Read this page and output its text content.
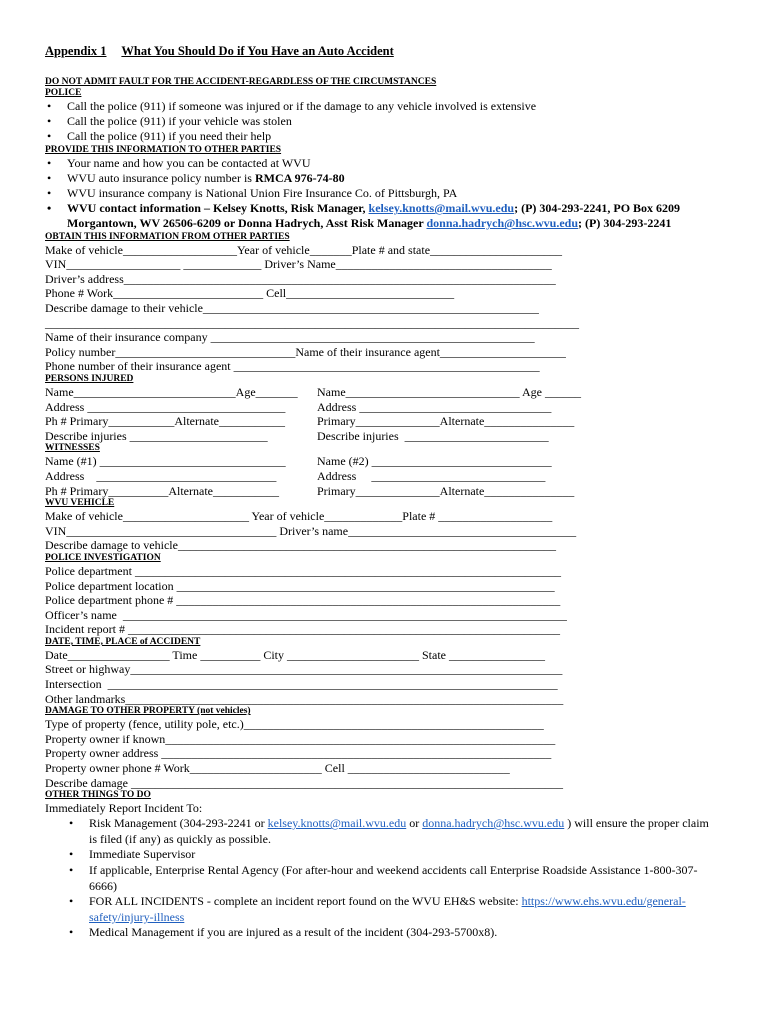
Appendix 1 What You Should Do if You Have an Auto Accident
DO NOT ADMIT FAULT FOR THE ACCIDENT-REGARDLESS OF THE CIRCUMSTANCES
POLICE
• Call the police (911) if someone was injured or if the damage to any vehicle involved is extensive
• Call the police (911) if your vehicle was stolen
• Call the police (911) if you need their help
PROVIDE THIS INFORMATION TO OTHER PARTIES
• Your name and how you can be contacted at WVU
• WVU auto insurance policy number is RMCA 976-74-80
• WVU insurance company is National Union Fire Insurance Co. of Pittsburgh, PA
• WVU contact information – Kelsey Knotts, Risk Manager, kelsey.knotts@mail.wvu.edu; (P) 304-293-2241, PO Box 6209
Morgantown, WV 26506-6209 or Donna Hadrych, Asst Risk Manager donna.hadrych@hsc.wvu.edu; (P) 304-293-2241
OBTAIN THIS INFORMATION FROM OTHER PARTIES
Make of vehicle___________________Year of vehicle_______Plate # and state______________________
VIN___________________ _____________ Driver’s Name____________________________________
Driver’s address________________________________________________________________________
Phone # Work_________________________ Cell____________________________
Describe damage to their vehicle________________________________________________________
_________________________________________________________________________________________
Name of their insurance company ______________________________________________________
Policy number______________________________Name of their insurance agent_____________________
Phone number of their insurance agent ___________________________________________________
PERSONS INJURED
Name___________________________Age_______	Name_____________________________ Age ______
Address _________________________________	Address ________________________________
Ph # Primary___________Alternate___________	Primary______________Alternate_______________
Describe injuries _______________________	Describe injuries  ________________________
WITNESSES
Name (#1) _______________________________	Name (#2) ______________________________
Address    ______________________________	Address     _____________________________
Ph # Primary__________Alternate___________	Primary______________Alternate_______________
WVU VEHICLE
Make of vehicle_____________________ Year of vehicle_____________Plate # ___________________
VIN___________________________________ Driver’s name______________________________________
Describe damage to vehicle_______________________________________________________________
POLICE INVESTIGATION
Police department _______________________________________________________________________
Police department location _______________________________________________________________
Police department phone # ________________________________________________________________
Officer’s name  __________________________________________________________________________
Incident report # ________________________________________________________________________
DATE, TIME, PLACE of ACCIDENT
Date_________________ Time __________ City ______________________ State ________________
Street or highway________________________________________________________________________
Intersection  ___________________________________________________________________________
Other landmarks_________________________________________________________________________
DAMAGE TO OTHER PROPERTY (not vehicles)
Type of property (fence, utility pole, etc.)__________________________________________________
Property owner if known_________________________________________________________________
Property owner address _________________________________________________________________
Property owner phone # Work______________________ Cell ___________________________
Describe damage ________________________________________________________________________
OTHER THINGS TO DO
Immediately Report Incident To:
• Risk Management (304-293-2241 or kelsey.knotts@mail.wvu.edu or donna.hadrych@hsc.wvu.edu ) will ensure the proper claim is filed (if any) as quickly as possible.
• Immediate Supervisor
• If applicable, Enterprise Rental Agency (For after-hour and weekend accidents call Enterprise Roadside Assistance 1-800-307-6666)
• FOR ALL INCIDENTS - complete an incident report found on the WVU EH&S website: https://www.ehs.wvu.edu/general-safety/injury-illness
• Medical Management if you are injured as a result of the incident (304-293-5700x8).
